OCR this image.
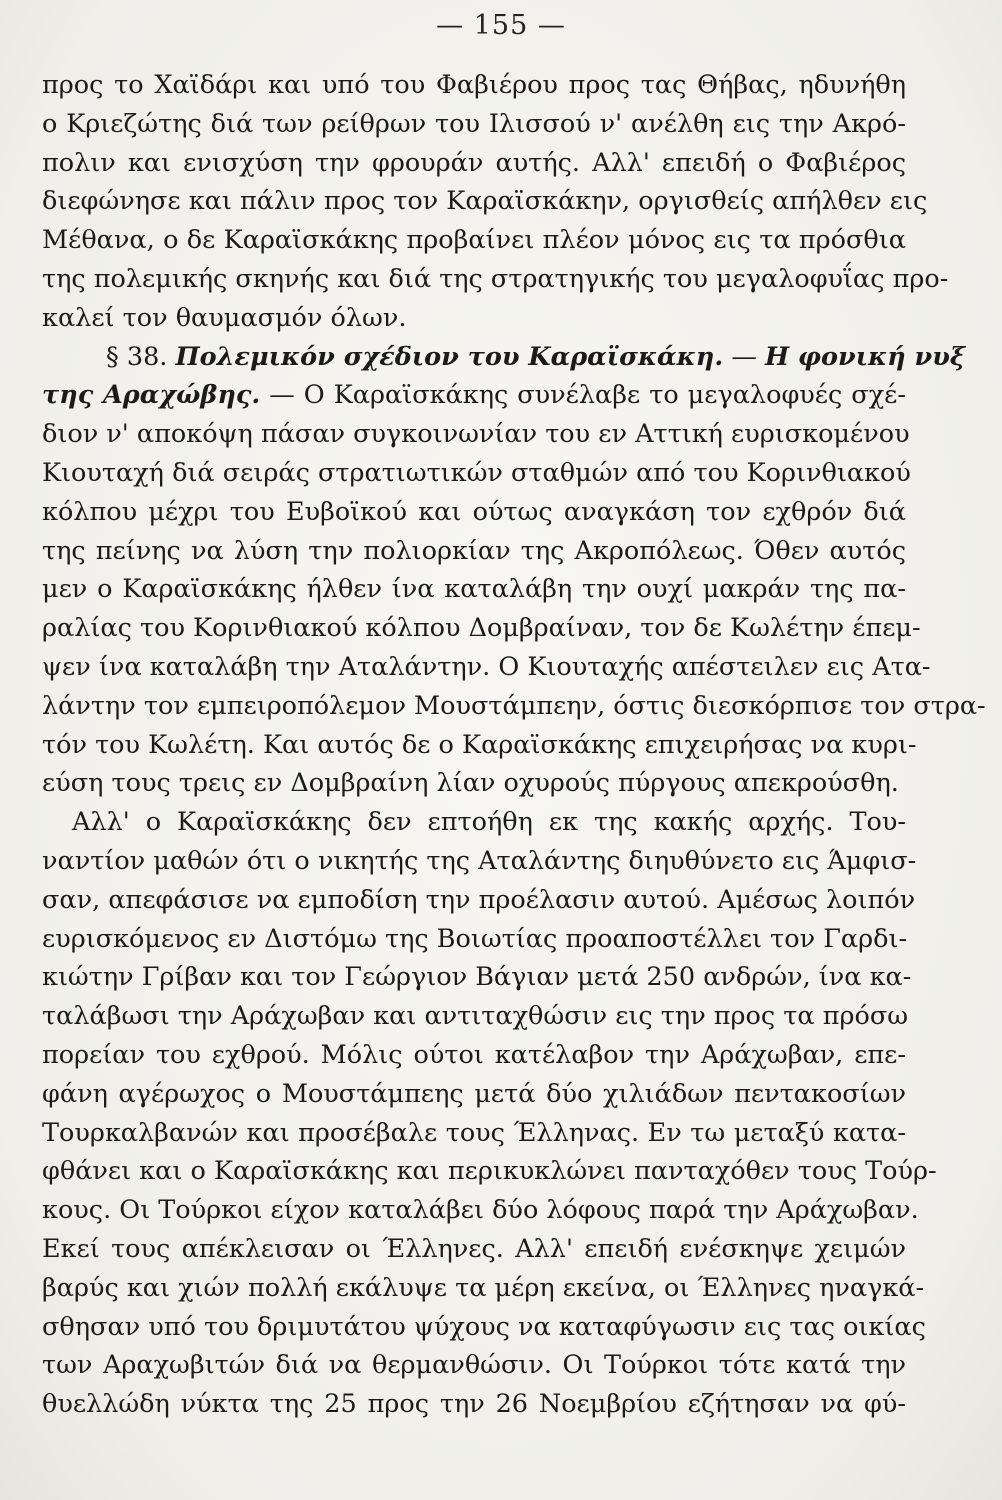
— 155 —
προς το Χαϊδάρι και υπό του Φαβιέρου προς τας Θήβας, ηδυνήθη
ο Κριεζώτης διά των ρείθρων του Ιλισσού ν' ανέλθη εις την Ακρό-
πολιν και ενισχύση την φρουράν αυτής. Αλλ' επειδή ο Φαβιέρος
διεφώνησε και πάλιν προς τον Καραϊσκάκην, οργισθείς απήλθεν εις
Μέθανα, ο δε Καραϊσκάκης προβαίνει πλέον μόνος εις τα πρόσθια
της πολεμικής σκηνής και διά της στρατηγικής του μεγαλοφυΐας προ-
καλεί τον θαυμασμόν όλων.
§ 38. Πολεμικόν σχέδιον του Καραϊσκάκη. — Η φονική νυξ
της Αραχώβης. — Ο Καραϊσκάκης συνέλαβε το μεγαλοφυές σχέ-
διον ν' αποκόψη πάσαν συγκοινωνίαν του εν Αττική ευρισκομένου
Κιουταχή διά σειράς στρατιωτικών σταθμών από του Κορινθιακού
κόλπου μέχρι του Ευβοϊκού και ούτως αναγκάση τον εχθρόν διά
της πείνης να λύση την πολιορκίαν της Ακροπόλεως. Όθεν αυτός
μεν ο Καραϊσκάκης ήλθεν ίνα καταλάβη την ουχί μακράν της πα-
ραλίας του Κορινθιακού κόλπου Δομβραίναν, τον δε Κωλέτην έπεμ-
ψεν ίνα καταλάβη την Αταλάντην. Ο Κιουταχής απέστειλεν εις Ατα-
λάντην τον εμπειροπόλεμον Μουστάμπεην, όστις διεσκόρπισε τον στρα-
τόν του Κωλέτη. Και αυτός δε ο Καραϊσκάκης επιχειρήσας να κυρι-
εύση τους τρεις εν Δομβραίνη λίαν οχυρούς πύργους απεκρούσθη.
Αλλ' ο Καραϊσκάκης δεν επτοήθη εκ της κακής αρχής. Του-
ναντίον μαθών ότι ο νικητής της Αταλάντης διηυθύνετο εις Άμφισ-
σαν, απεφάσισε να εμποδίση την προέλασιν αυτού. Αμέσως λοιπόν
ευρισκόμενος εν Διστόμω της Βοιωτίας προαποστέλλει τον Γαρδι-
κιώτην Γρίβαν και τον Γεώργιον Βάγιαν μετά 250 ανδρών, ίνα κα-
ταλάβωσι την Αράχωβαν και αντιταχθώσιν εις την προς τα πρόσω
πορείαν του εχθρού. Μόλις ούτοι κατέλαβον την Αράχωβαν, επε-
φάνη αγέρωχος ο Μουστάμπεης μετά δύο χιλιάδων πεντακοσίων
Τουρκαλβανών και προσέβαλε τους Έλληνας. Εν τω μεταξύ κατα-
φθάνει και ο Καραϊσκάκης και περικυκλώνει πανταχόθεν τους Τούρ-
κους. Οι Τούρκοι είχον καταλάβει δύο λόφους παρά την Αράχωβαν.
Εκεί τους απέκλεισαν οι Έλληνες. Αλλ' επειδή ενέσκηψε χειμών
βαρύς και χιών πολλή εκάλυψε τα μέρη εκείνα, οι Έλληνες ηναγκά-
σθησαν υπό του δριμυτάτου ψύχους να καταφύγωσιν εις τας οικίας
των Αραχωβιτών διά να θερμανθώσιν. Οι Τούρκοι τότε κατά την
θυελλώδη νύκτα της 25 προς την 26 Νοεμβρίου εζήτησαν να φύ-
